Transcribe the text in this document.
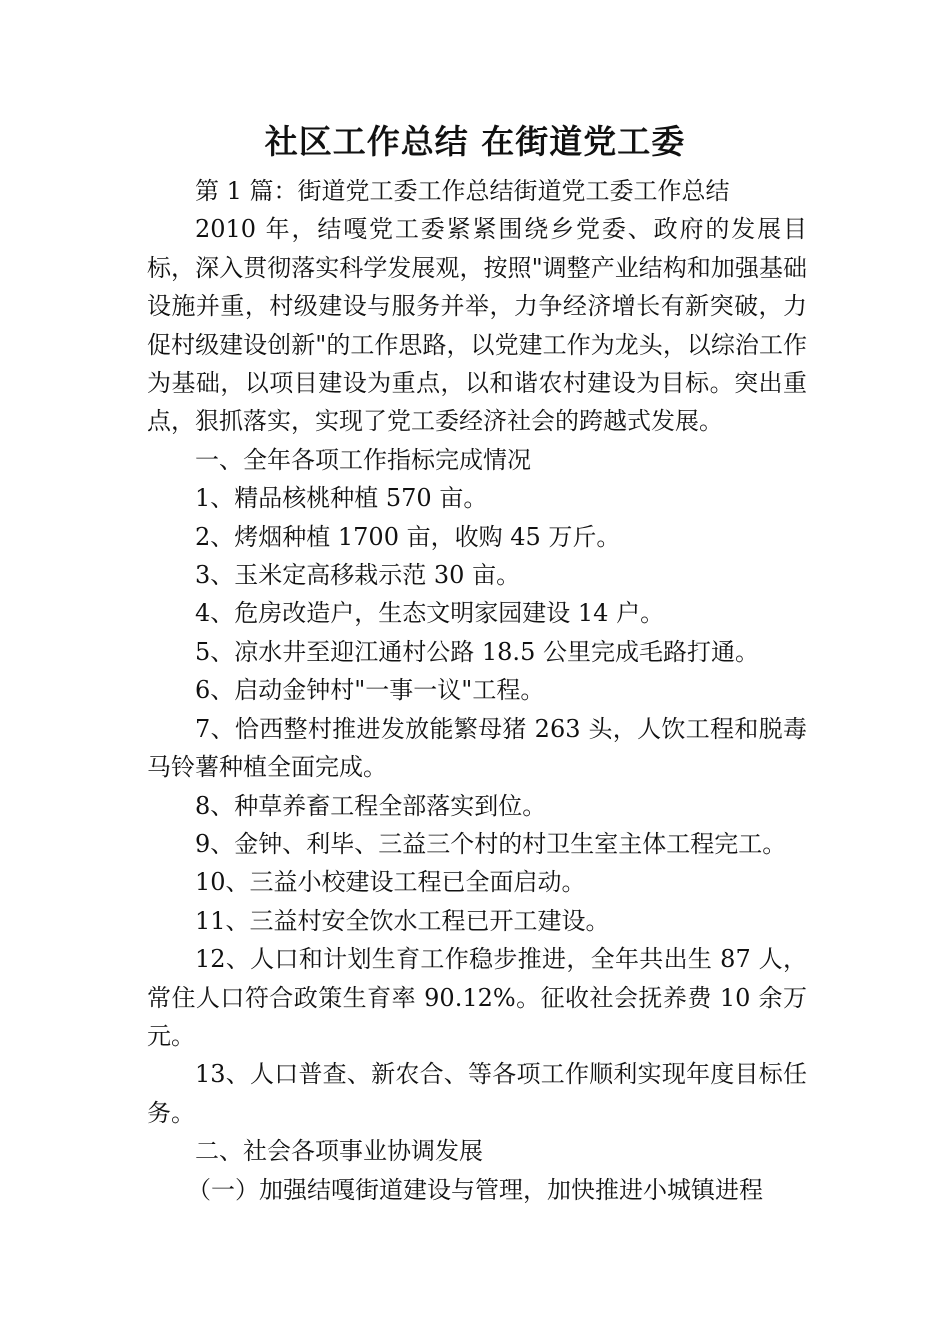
社区工作总结 在街道党工委

第 1 篇：街道党工委工作总结街道党工委工作总结

2010 年，结嘎党工委紧紧围绕乡党委、政府的发展目标，深入贯彻落实科学发展观，按照"调整产业结构和加强基础设施并重，村级建设与服务并举，力争经济增长有新突破，力促村级建设创新"的工作思路，以党建工作为龙头，以综治工作为基础，以项目建设为重点，以和谐农村建设为目标。突出重点，狠抓落实，实现了党工委经济社会的跨越式发展。

一、全年各项工作指标完成情况

1、精品核桃种植 570 亩。

2、烤烟种植 1700 亩，收购 45 万斤。

3、玉米定高移栽示范 30 亩。

4、危房改造户，生态文明家园建设 14 户。

5、凉水井至迎江通村公路 18.5 公里完成毛路打通。

6、启动金钟村"一事一议"工程。

7、恰西整村推进发放能繁母猪 263 头，人饮工程和脱毒马铃薯种植全面完成。

8、种草养畜工程全部落实到位。

9、金钟、利毕、三益三个村的村卫生室主体工程完工。

10、三益小校建设工程已全面启动。

11、三益村安全饮水工程已开工建设。

12、人口和计划生育工作稳步推进，全年共出生 87 人，常住人口符合政策生育率 90.12%。征收社会抚养费 10 余万元。

13、人口普查、新农合、等各项工作顺利实现年度目标任务。

二、社会各项事业协调发展

（一）加强结嘎街道建设与管理，加快推进小城镇进程
